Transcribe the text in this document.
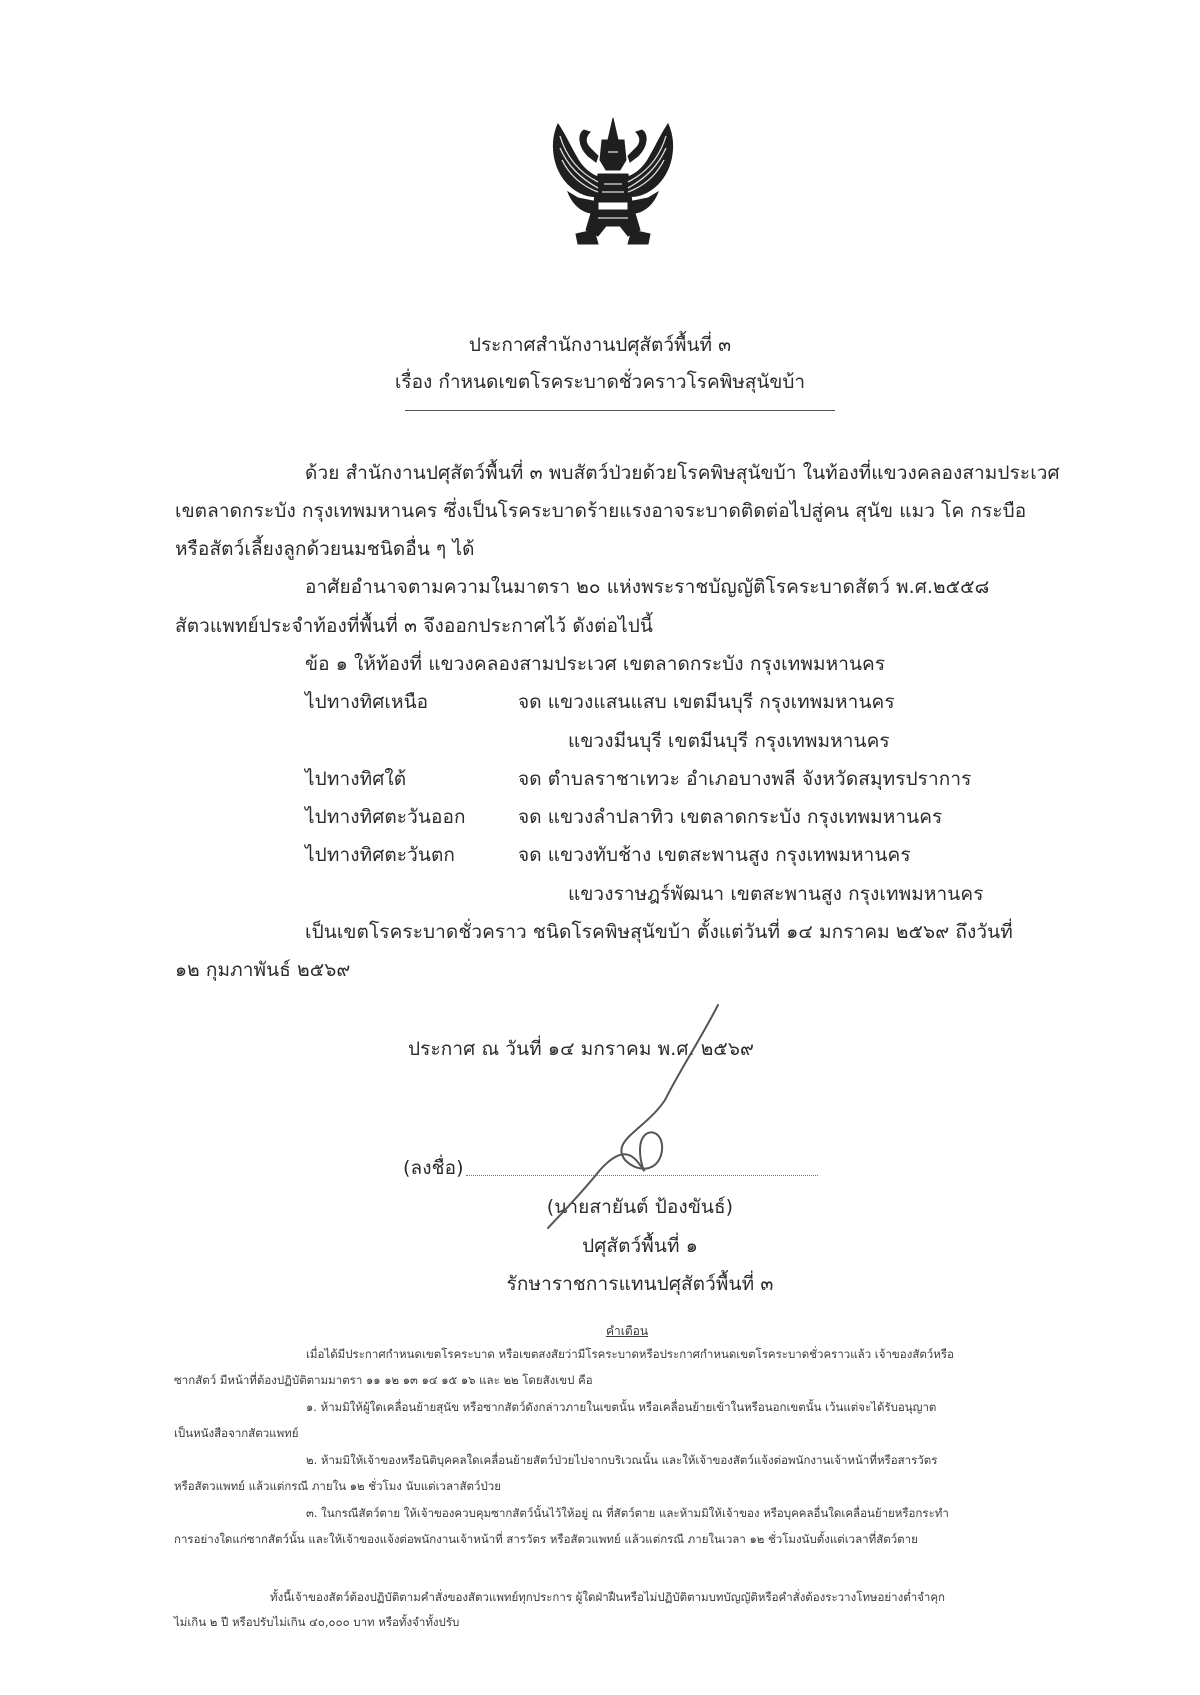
ประกาศสำนักงานปศุสัตว์พื้นที่ ๓
เรื่อง กำหนดเขตโรคระบาดชั่วคราวโรคพิษสุนัขบ้า
ด้วย สำนักงานปศุสัตว์พื้นที่ ๓ พบสัตว์ป่วยด้วยโรคพิษสุนัขบ้า ในท้องที่แขวงคลองสามประเวศ
เขตลาดกระบัง กรุงเทพมหานคร ซึ่งเป็นโรคระบาดร้ายแรงอาจระบาดติดต่อไปสู่คน สุนัข แมว โค กระบือ
หรือสัตว์เลี้ยงลูกด้วยนมชนิดอื่น ๆ ได้
อาศัยอำนาจตามความในมาตรา ๒๐ แห่งพระราชบัญญัติโรคระบาดสัตว์ พ.ศ.๒๕๕๘
สัตวแพทย์ประจำท้องที่พื้นที่ ๓ จึงออกประกาศไว้ ดังต่อไปนี้
ข้อ ๑ ให้ท้องที่ แขวงคลองสามประเวศ เขตลาดกระบัง กรุงเทพมหานคร
ไปทางทิศเหนือ	จด แขวงแสนแสบ เขตมีนบุรี กรุงเทพมหานคร
แขวงมีนบุรี เขตมีนบุรี กรุงเทพมหานคร
ไปทางทิศใต้	จด ตำบลราชาเทวะ อำเภอบางพลี จังหวัดสมุทรปราการ
ไปทางทิศตะวันออก	จด แขวงลำปลาทิว เขตลาดกระบัง กรุงเทพมหานคร
ไปทางทิศตะวันตก	จด แขวงทับช้าง เขตสะพานสูง กรุงเทพมหานคร
แขวงราษฎร์พัฒนา เขตสะพานสูง กรุงเทพมหานคร
เป็นเขตโรคระบาดชั่วคราว ชนิดโรคพิษสุนัขบ้า ตั้งแต่วันที่ ๑๔ มกราคม ๒๕๖๙ ถึงวันที่
๑๒ กุมภาพันธ์ ๒๕๖๙
ประกาศ ณ วันที่ ๑๔ มกราคม พ.ศ. ๒๕๖๙
(ลงชื่อ)
(นายสายันต์ ป้องขันธ์)
ปศุสัตว์พื้นที่ ๑
รักษาราชการแทนปศุสัตว์พื้นที่ ๓
คำเตือน
เมื่อได้มีประกาศกำหนดเขตโรคระบาด หรือเขตสงสัยว่ามีโรคระบาดหรือประกาศกำหนดเขตโรคระบาดชั่วคราวแล้ว เจ้าของสัตว์หรือ
ซากสัตว์ มีหน้าที่ต้องปฏิบัติตามมาตรา ๑๑ ๑๒ ๑๓ ๑๔ ๑๕ ๑๖ และ ๒๒ โดยสังเขป คือ
๑. ห้ามมิให้ผู้ใดเคลื่อนย้ายสุนัข หรือซากสัตว์ดังกล่าวภายในเขตนั้น หรือเคลื่อนย้ายเข้าในหรือนอกเขตนั้น เว้นแต่จะได้รับอนุญาต
เป็นหนังสือจากสัตวแพทย์
๒. ห้ามมิให้เจ้าของหรือนิติบุคคลใดเคลื่อนย้ายสัตว์ป่วยไปจากบริเวณนั้น และให้เจ้าของสัตว์แจ้งต่อพนักงานเจ้าหน้าที่หรือสารวัตร
หรือสัตวแพทย์ แล้วแต่กรณี ภายใน ๑๒ ชั่วโมง นับแต่เวลาสัตว์ป่วย
๓. ในกรณีสัตว์ตาย ให้เจ้าของควบคุมซากสัตว์นั้นไว้ให้อยู่ ณ ที่สัตว์ตาย และห้ามมิให้เจ้าของ หรือบุคคลอื่นใดเคลื่อนย้ายหรือกระทำ
การอย่างใดแก่ซากสัตว์นั้น และให้เจ้าของแจ้งต่อพนักงานเจ้าหน้าที่ สารวัตร หรือสัตวแพทย์ แล้วแต่กรณี ภายในเวลา ๑๒ ชั่วโมงนับตั้งแต่เวลาที่สัตว์ตาย
ทั้งนี้เจ้าของสัตว์ต้องปฏิบัติตามคำสั่งของสัตวแพทย์ทุกประการ ผู้ใดฝ่าฝืนหรือไม่ปฏิบัติตามบทบัญญัติหรือคำสั่งต้องระวางโทษอย่างต่ำจำคุก
ไม่เกิน ๒ ปี หรือปรับไม่เกิน ๔๐,๐๐๐ บาท หรือทั้งจำทั้งปรับ
